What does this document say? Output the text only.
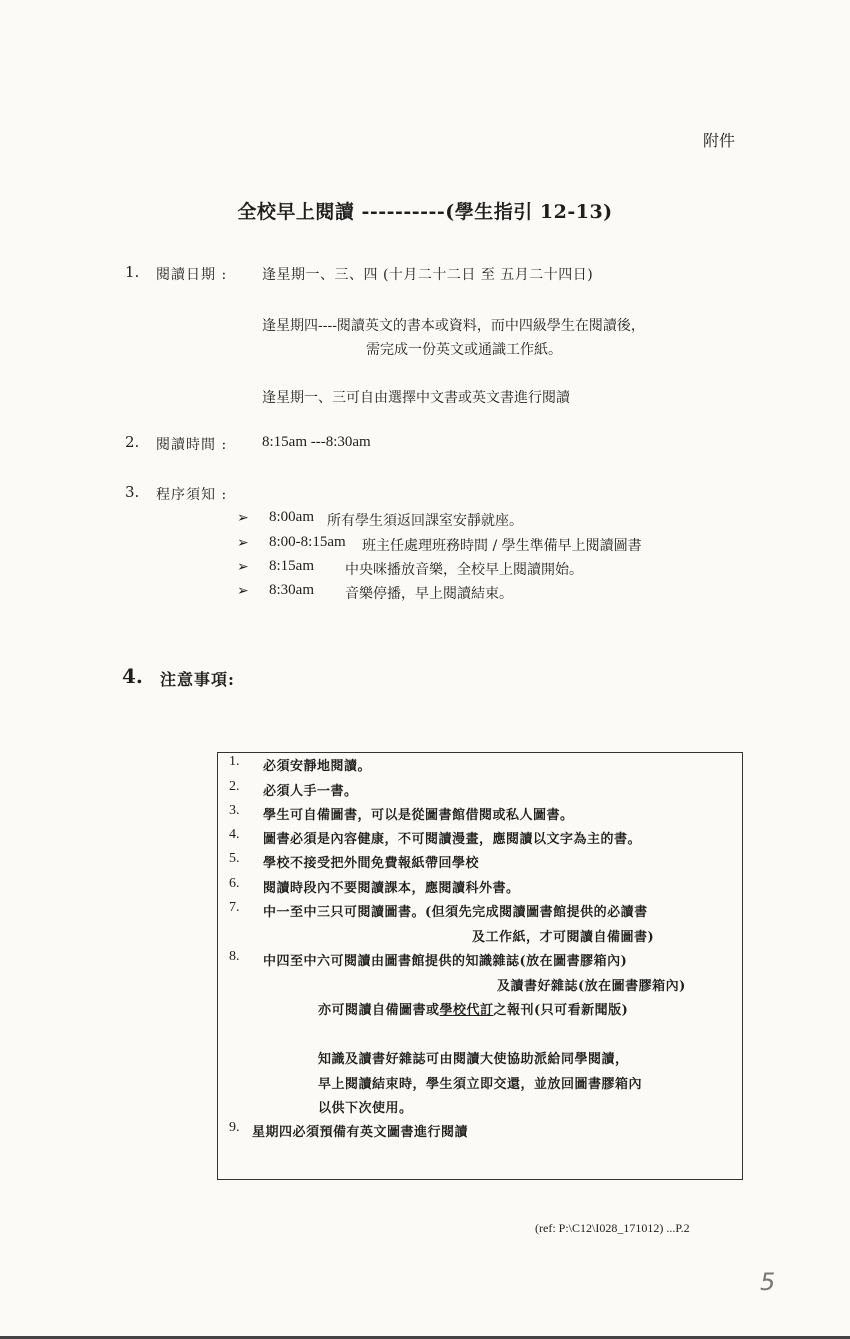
附件
全校早上閱讀 ----------(學生指引 12-13)
1. 閱讀日期 : 逢星期一、三、四 (十月二十二日 至 五月二十四日)
逢星期四----閱讀英文的書本或資料，而中四級學生在閱讀後，
需完成一份英文或通識工作紙。
逢星期一、三可自由選擇中文書或英文書進行閱讀
2. 閱讀時間 : 8:15am ---8:30am
3. 程序須知 :
➢ 8:00am 所有學生須返回課室安靜就座。
➢ 8:00-8:15am 班主任處理班務時間 / 學生準備早上閱讀圖書
➢ 8:15am 中央咪播放音樂，全校早上閱讀開始。
➢ 8:30am 音樂停播，早上閱讀結束。
4. 注意事項:
1. 必須安靜地閱讀。
2. 必須人手一書。
3. 學生可自備圖書，可以是從圖書館借閱或私人圖書。
4. 圖書必須是內容健康，不可閱讀漫畫，應閱讀以文字為主的書。
5. 學校不接受把外間免費報紙帶回學校
6. 閱讀時段內不要閱讀課本，應閱讀科外書。
7. 中一至中三只可閱讀圖書。(但須先完成閱讀圖書館提供的必讀書
及工作紙，才可閱讀自備圖書)
8. 中四至中六可閱讀由圖書館提供的知識雜誌(放在圖書膠箱內)
及讀書好雜誌(放在圖書膠箱內)
亦可閱讀自備圖書或學校代訂之報刊(只可看新聞版)
知識及讀書好雜誌可由閱讀大使協助派給同學閱讀，
早上閱讀結束時，學生須立即交還，並放回圖書膠箱內
以供下次使用。
9. 星期四必須預備有英文圖書進行閱讀
(ref: P:\C12\I028_171012) ...P.2
5
